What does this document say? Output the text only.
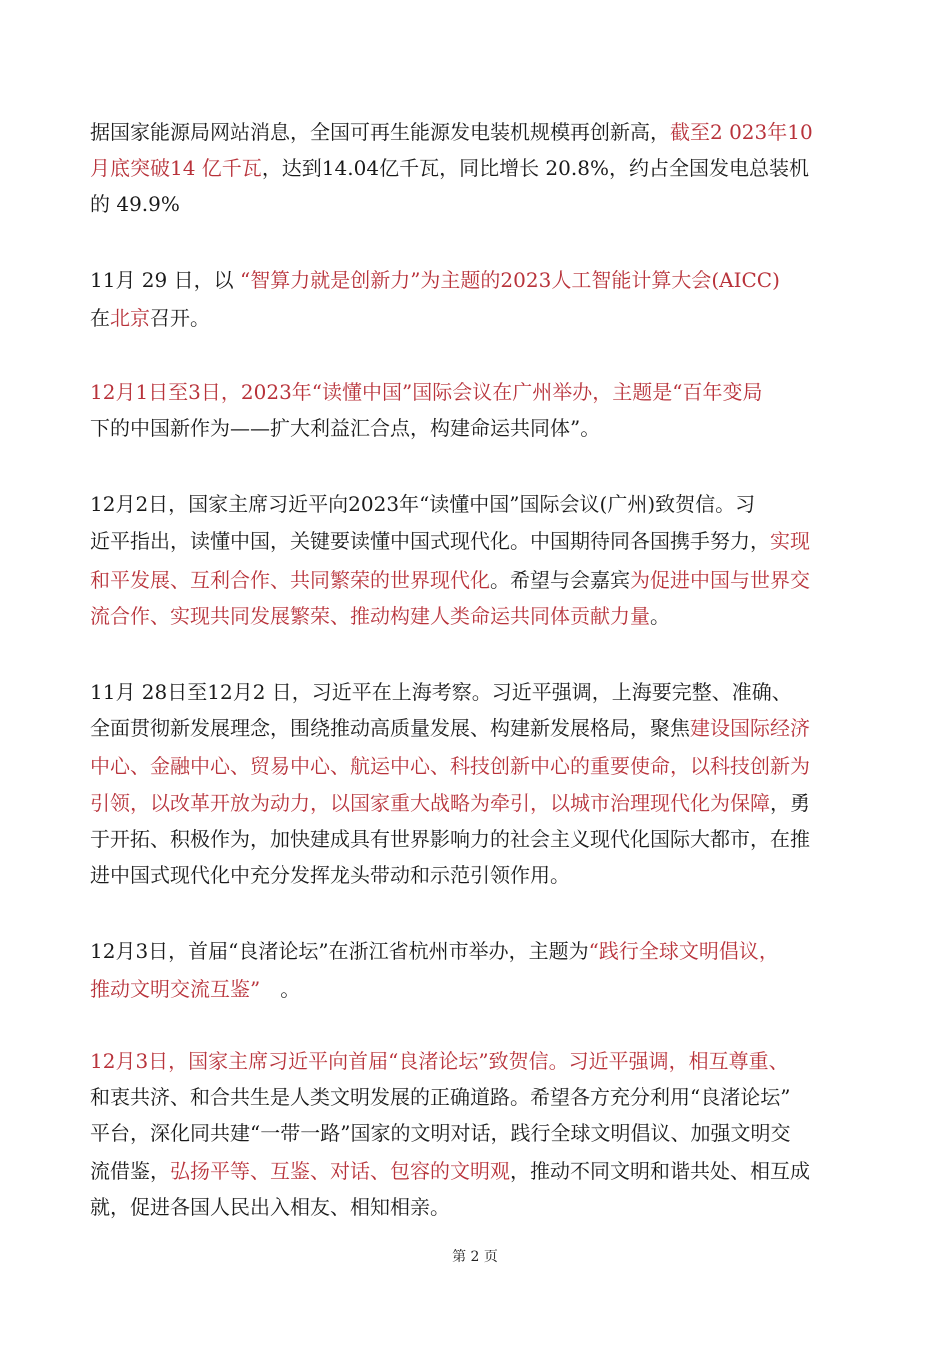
据国家能源局网站消息，全国可再生能源发电装机规模再创新高，截至2 023年10
月底突破14 亿千瓦，达到14.04亿千瓦，同比增长 20.8%，约占全国发电总装机
的 49.9%
11月 29 日，以 “智算力就是创新力”为主题的2023人工智能计算大会(AICC)
在北京召开。
12月1日至3日，2023年“读懂中国”国际会议在广州举办，主题是“百年变局
下的中国新作为——扩大利益汇合点，构建命运共同体”。
12月2日，国家主席习近平向2023年“读懂中国”国际会议(广州)致贺信。习
近平指出，读懂中国，关键要读懂中国式现代化。中国期待同各国携手努力，实现
和平发展、互利合作、共同繁荣的世界现代化。希望与会嘉宾为促进中国与世界交
流合作、实现共同发展繁荣、推动构建人类命运共同体贡献力量。
11月 28日至12月2 日，习近平在上海考察。习近平强调，上海要完整、准确、
全面贯彻新发展理念，围绕推动高质量发展、构建新发展格局，聚焦建设国际经济
中心、金融中心、贸易中心、航运中心、科技创新中心的重要使命，以科技创新为
引领，以改革开放为动力，以国家重大战略为牵引，以城市治理现代化为保障，勇
于开拓、积极作为，加快建成具有世界影响力的社会主义现代化国际大都市，在推
进中国式现代化中充分发挥龙头带动和示范引领作用。
12月3日，首届“良渚论坛”在浙江省杭州市举办，主题为“践行全球文明倡议，
推动文明交流互鉴”　。
12月3日，国家主席习近平向首届“良渚论坛”致贺信。习近平强调，相互尊重、
和衷共济、和合共生是人类文明发展的正确道路。希望各方充分利用“良渚论坛”
平台，深化同共建“一带一路”国家的文明对话，践行全球文明倡议、加强文明交
流借鉴，弘扬平等、互鉴、对话、包容的文明观，推动不同文明和谐共处、相互成
就，促进各国人民出入相友、相知相亲。
第 2 页
